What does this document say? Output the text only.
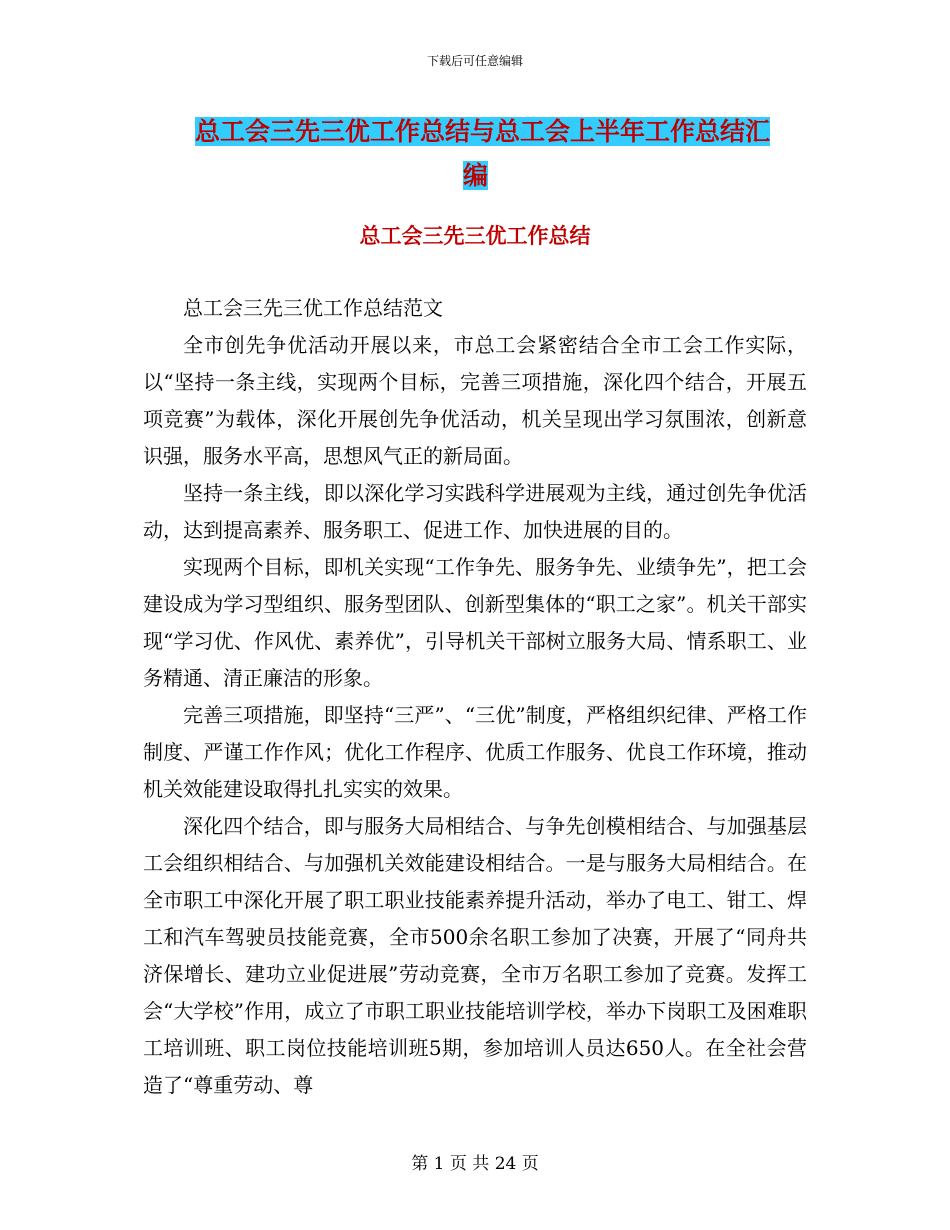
下载后可任意编辑
总工会三先三优工作总结与总工会上半年工作总结汇
编
总工会三先三优工作总结

总工会三先三优工作总结范文

全市创先争优活动开展以来，市总工会紧密结合全市工会工作实际，以“坚持一条主线，实现两个目标，完善三项措施，深化四个结合，开展五项竞赛”为载体，深化开展创先争优活动，机关呈现出学习氛围浓，创新意识强，服务水平高，思想风气正的新局面。

坚持一条主线，即以深化学习实践科学进展观为主线，通过创先争优活动，达到提高素养、服务职工、促进工作、加快进展的目的。

实现两个目标，即机关实现“工作争先、服务争先、业绩争先”，把工会建设成为学习型组织、服务型团队、创新型集体的“职工之家”。机关干部实现“学习优、作风优、素养优”，引导机关干部树立服务大局、情系职工、业务精通、清正廉洁的形象。

完善三项措施，即坚持“三严”、“三优”制度，严格组织纪律、严格工作制度、严谨工作作风；优化工作程序、优质工作服务、优良工作环境，推动机关效能建设取得扎扎实实的效果。

深化四个结合，即与服务大局相结合、与争先创模相结合、与加强基层工会组织相结合、与加强机关效能建设相结合。一是与服务大局相结合。在全市职工中深化开展了职工职业技能素养提升活动，举办了电工、钳工、焊工和汽车驾驶员技能竞赛，全市500余名职工参加了决赛，开展了“同舟共济保增长、建功立业促进展”劳动竞赛，全市万名职工参加了竞赛。发挥工会“大学校”作用，成立了市职工职业技能培训学校，举办下岗职工及困难职工培训班、职工岗位技能培训班5期，参加培训人员达650人。在全社会营造了“尊重劳动、尊

第 1 页 共 24 页
